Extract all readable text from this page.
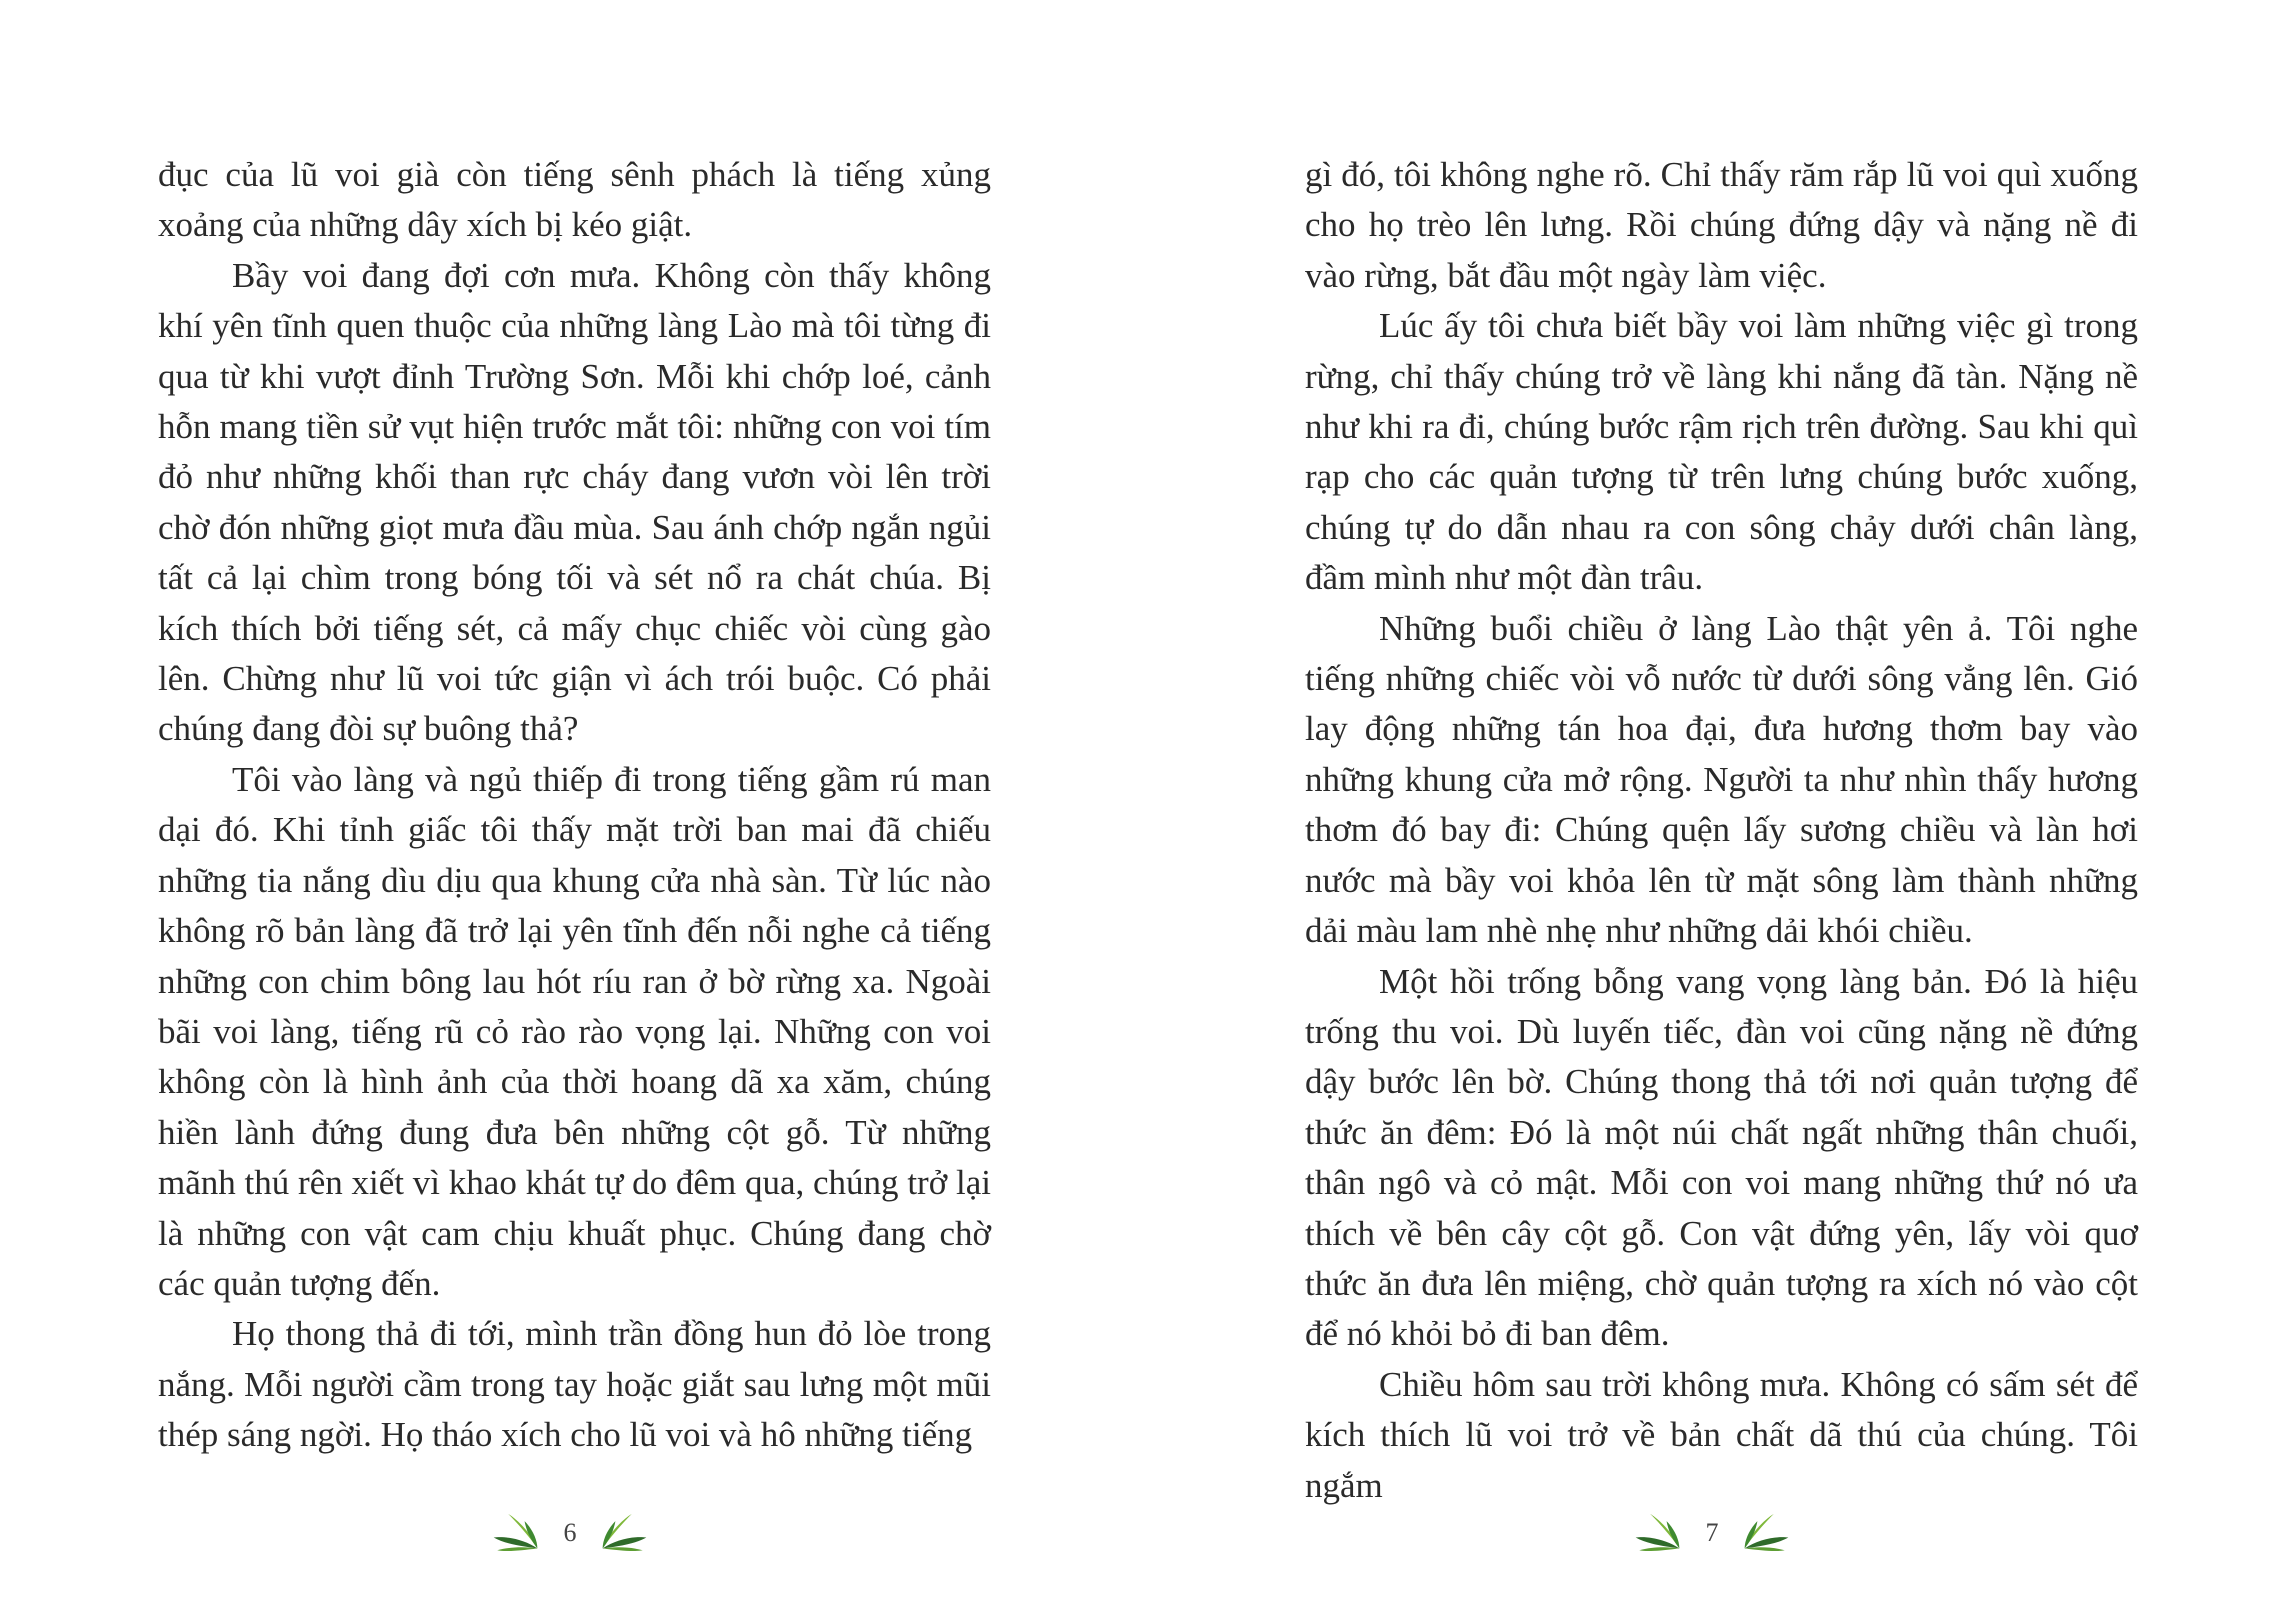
đục của lũ voi già còn tiếng sênh phách là tiếng xủng xoảng của những dây xích bị kéo giật.

Bầy voi đang đợi cơn mưa. Không còn thấy không khí yên tĩnh quen thuộc của những làng Lào mà tôi từng đi qua từ khi vượt đỉnh Trường Sơn. Mỗi khi chớp loé, cảnh hỗn mang tiền sử vụt hiện trước mắt tôi: những con voi tím đỏ như những khối than rực cháy đang vươn vòi lên trời chờ đón những giọt mưa đầu mùa. Sau ánh chớp ngắn ngủi tất cả lại chìm trong bóng tối và sét nổ ra chát chúa. Bị kích thích bởi tiếng sét, cả mấy chục chiếc vòi cùng gào lên. Chừng như lũ voi tức giận vì ách trói buộc. Có phải chúng đang đòi sự buông thả?

Tôi vào làng và ngủ thiếp đi trong tiếng gầm rú man dại đó. Khi tỉnh giấc tôi thấy mặt trời ban mai đã chiếu những tia nắng dìu dịu qua khung cửa nhà sàn. Từ lúc nào không rõ bản làng đã trở lại yên tĩnh đến nỗi nghe cả tiếng những con chim bông lau hót ríu ran ở bờ rừng xa. Ngoài bãi voi làng, tiếng rũ cỏ rào rào vọng lại. Những con voi không còn là hình ảnh của thời hoang dã xa xăm, chúng hiền lành đứng đung đưa bên những cột gỗ. Từ những mãnh thú rên xiết vì khao khát tự do đêm qua, chúng trở lại là những con vật cam chịu khuất phục. Chúng đang chờ các quản tượng đến.

Họ thong thả đi tới, mình trần đồng hun đỏ lòe trong nắng. Mỗi người cầm trong tay hoặc giắt sau lưng một mũi thép sáng ngời. Họ tháo xích cho lũ voi và hô những tiếng

6

gì đó, tôi không nghe rõ. Chỉ thấy răm rắp lũ voi quì xuống cho họ trèo lên lưng. Rồi chúng đứng dậy và nặng nề đi vào rừng, bắt đầu một ngày làm việc.

Lúc ấy tôi chưa biết bầy voi làm những việc gì trong rừng, chỉ thấy chúng trở về làng khi nắng đã tàn. Nặng nề như khi ra đi, chúng bước rậm rịch trên đường. Sau khi quì rạp cho các quản tượng từ trên lưng chúng bước xuống, chúng tự do dẫn nhau ra con sông chảy dưới chân làng, đầm mình như một đàn trâu.

Những buổi chiều ở làng Lào thật yên ả. Tôi nghe tiếng những chiếc vòi vỗ nước từ dưới sông vẳng lên. Gió lay động những tán hoa đại, đưa hương thơm bay vào những khung cửa mở rộng. Người ta như nhìn thấy hương thơm đó bay đi: Chúng quện lấy sương chiều và làn hơi nước mà bầy voi khỏa lên từ mặt sông làm thành những dải màu lam nhè nhẹ như những dải khói chiều.

Một hồi trống bỗng vang vọng làng bản. Đó là hiệu trống thu voi. Dù luyến tiếc, đàn voi cũng nặng nề đứng dậy bước lên bờ. Chúng thong thả tới nơi quản tượng để thức ăn đêm: Đó là một núi chất ngất những thân chuối, thân ngô và cỏ mật. Mỗi con voi mang những thứ nó ưa thích về bên cây cột gỗ. Con vật đứng yên, lấy vòi quơ thức ăn đưa lên miệng, chờ quản tượng ra xích nó vào cột để nó khỏi bỏ đi ban đêm.

Chiều hôm sau trời không mưa. Không có sấm sét để kích thích lũ voi trở về bản chất dã thú của chúng. Tôi ngắm

7
